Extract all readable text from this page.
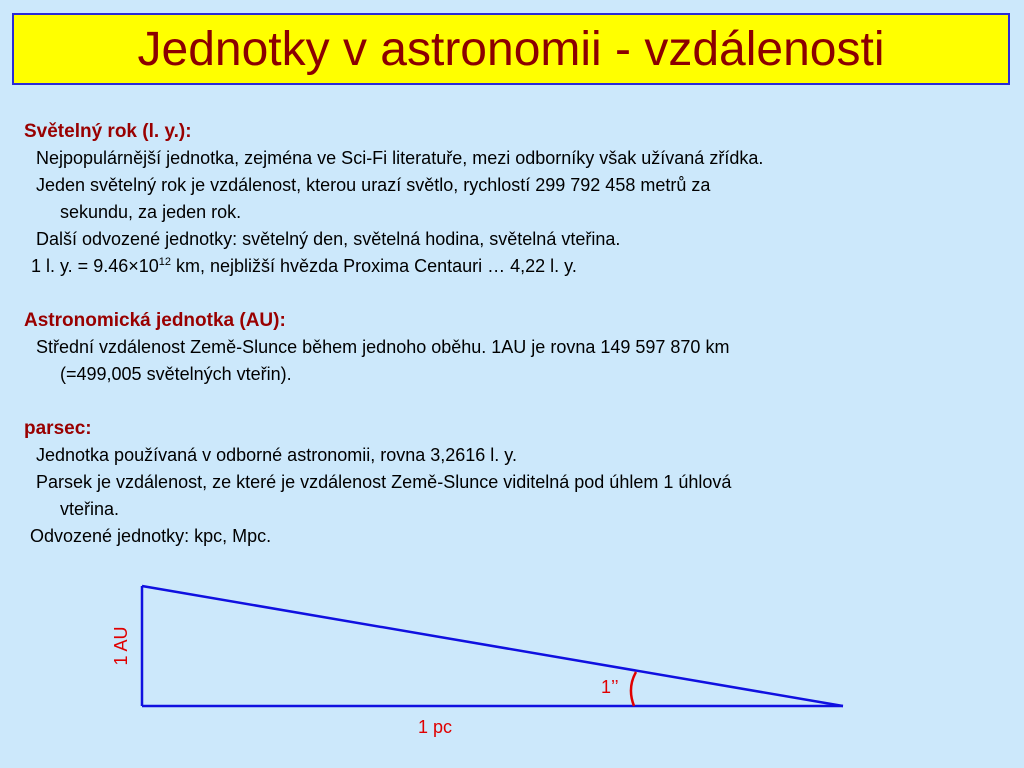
Jednotky v astronomii - vzdálenosti
Světelný rok (l. y.):
Nejpopulárnější jednotka, zejména ve Sci-Fi literatuře, mezi odborníky však užívaná zřídka.
Jeden světelný rok je vzdálenost, kterou urazí světlo, rychlostí 299 792 458 metrů za
sekundu, za jeden rok.
Další odvozené jednotky: světelný den, světelná hodina, světelná vteřina.
1 l. y. = $9.46\times 10^{12}$ km, nejbližší hvězda Proxima Centauri … 4,22 l. y.
Astronomická jednotka (AU):
Střední vzdálenost Země-Slunce během jednoho oběhu. 1AU je rovna 149 597 870 km
(=499,005 světelných vteřin).
parsec:
Jednotka používaná v odborné astronomii, rovna 3,2616 l. y.
Parsek je vzdálenost, ze které je vzdálenost Země-Slunce viditelná pod úhlem 1 úhlová
vteřina.
Odvozené jednotky: kpc, Mpc.
1 AU
1’’
1 pc
